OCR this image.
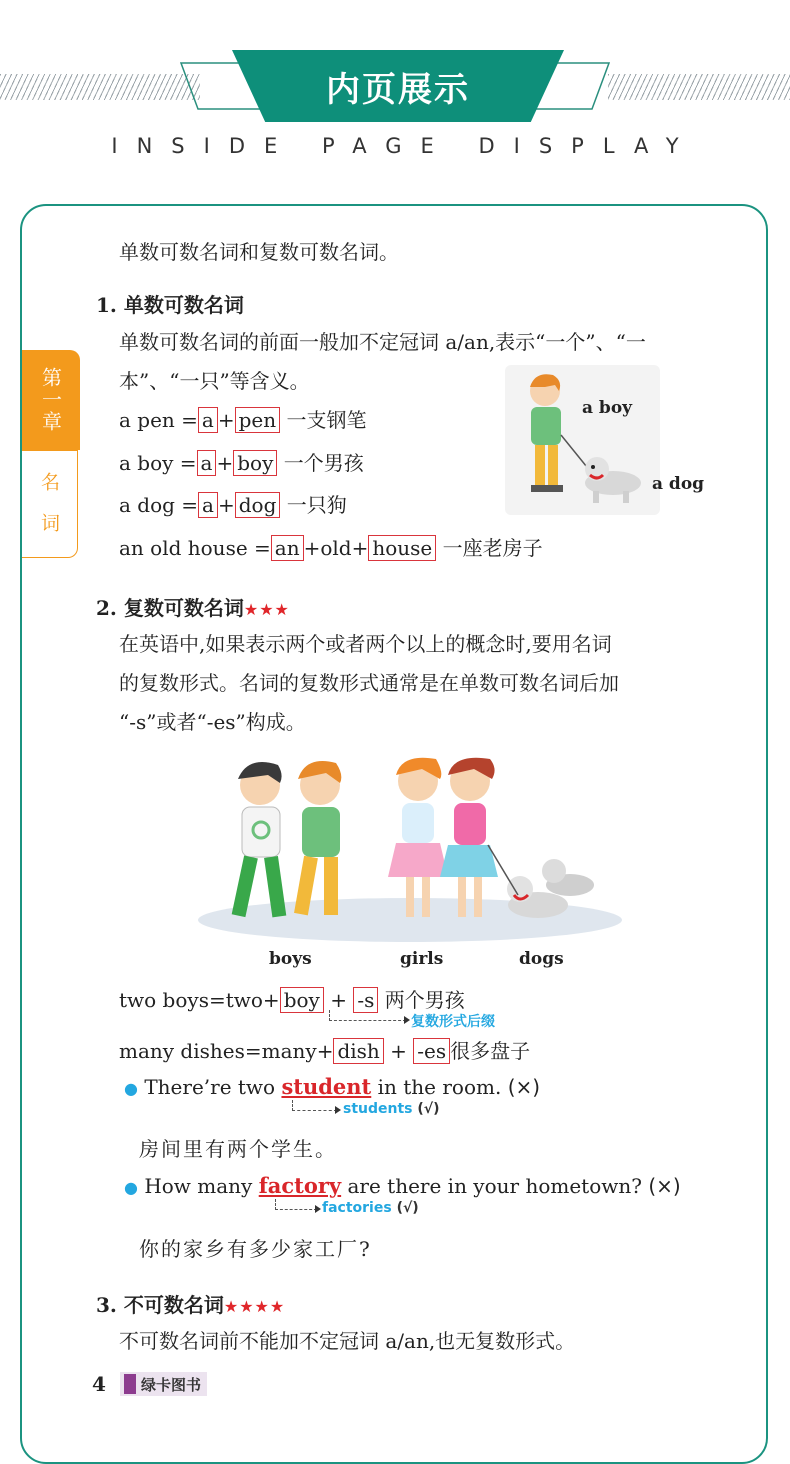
内页展示
INSIDE PAGE DISPLAY
第一章
名词
单数可数名词和复数可数名词。
1. 单数可数名词
单数可数名词的前面一般加不定冠词 a/an,表示“一个”、“一
本”、“一只”等含义。
a pen = a + pen 一支钢笔
a boy = a + boy 一个男孩
a dog = a + dog 一只狗
an old house = an +old+ house 一座老房子
a boy
a dog
2. 复数可数名词★★★
在英语中,如果表示两个或者两个以上的概念时,要用名词
的复数形式。名词的复数形式通常是在单数可数名词后加
“-s”或者“-es”构成。
boys	girls	dogs
two boys=two+ boy + -s 两个男孩
复数形式后缀
many dishes=many+ dish + -es 很多盘子
● There’re two student in the room. (×)
students (√)
房间里有两个学生。
● How many factory are there in your hometown? (×)
factories (√)
你的家乡有多少家工厂?
3. 不可数名词★★★★
不可数名词前不能加不定冠词 a/an,也无复数形式。
4 绿卡图书
